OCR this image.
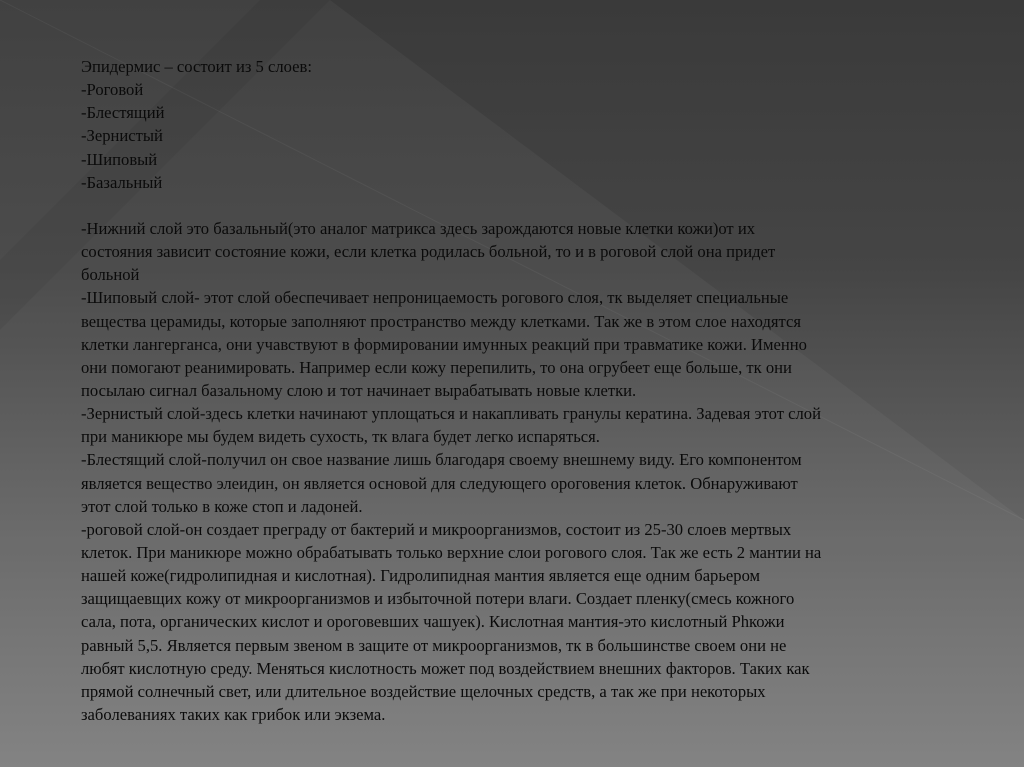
Эпидермис – состоит из 5 слоев:
-Роговой
-Блестящий
-Зернистый
-Шиповый
-Базальный
-Нижний слой это базальный(это аналог матрикса здесь зарождаются новые клетки кожи)от их
состояния зависит состояние кожи, если клетка родилась больной, то и в роговой слой она придет
больной
-Шиповый слой- этот слой обеспечивает непроницаемость рогового слоя, тк выделяет специальные
вещества церамиды, которые заполняют пространство между клетками. Так же в этом слое находятся
клетки лангерганса, они учавствуют в формировании имунных реакций при травматике кожи. Именно
они помогают реанимировать. Например если кожу перепилить, то она огрубеет еще больше, тк они
посылаю сигнал базальному слою и тот начинает вырабатывать новые клетки.
-Зернистый слой-здесь клетки начинают уплощаться и накапливать гранулы кератина. Задевая этот слой
при маникюре мы будем видеть сухость, тк влага будет легко испаряться.
-Блестящий слой-получил он свое название лишь благодаря своему внешнему виду. Его компонентом
является вещество элеидин, он является основой для следующего ороговения клеток. Обнаруживают
этот слой только в коже стоп и ладоней.
-роговой слой-он создает преграду от бактерий и микроорганизмов, состоит из 25-30 слоев мертвых
клеток. При маникюре можно обрабатывать только верхние слои рогового слоя. Так же есть 2 мантии на
нашей коже(гидролипидная и кислотная). Гидролипидная мантия является еще одним барьером
защищаевщих кожу от микроорганизмов и избыточной потери влаги. Создает пленку(смесь кожного
сала, пота, органических кислот и ороговевших чашуек). Кислотная мантия-это кислотный Phкожи
равный 5,5. Является первым звеном в защите от микроорганизмов, тк в большинстве своем они не
любят кислотную среду. Меняться кислотность может под воздействием внешних факторов. Таких как
прямой солнечный свет, или длительное воздействие щелочных средств, а так же при некоторых
заболеваниях таких как грибок или экзема.
